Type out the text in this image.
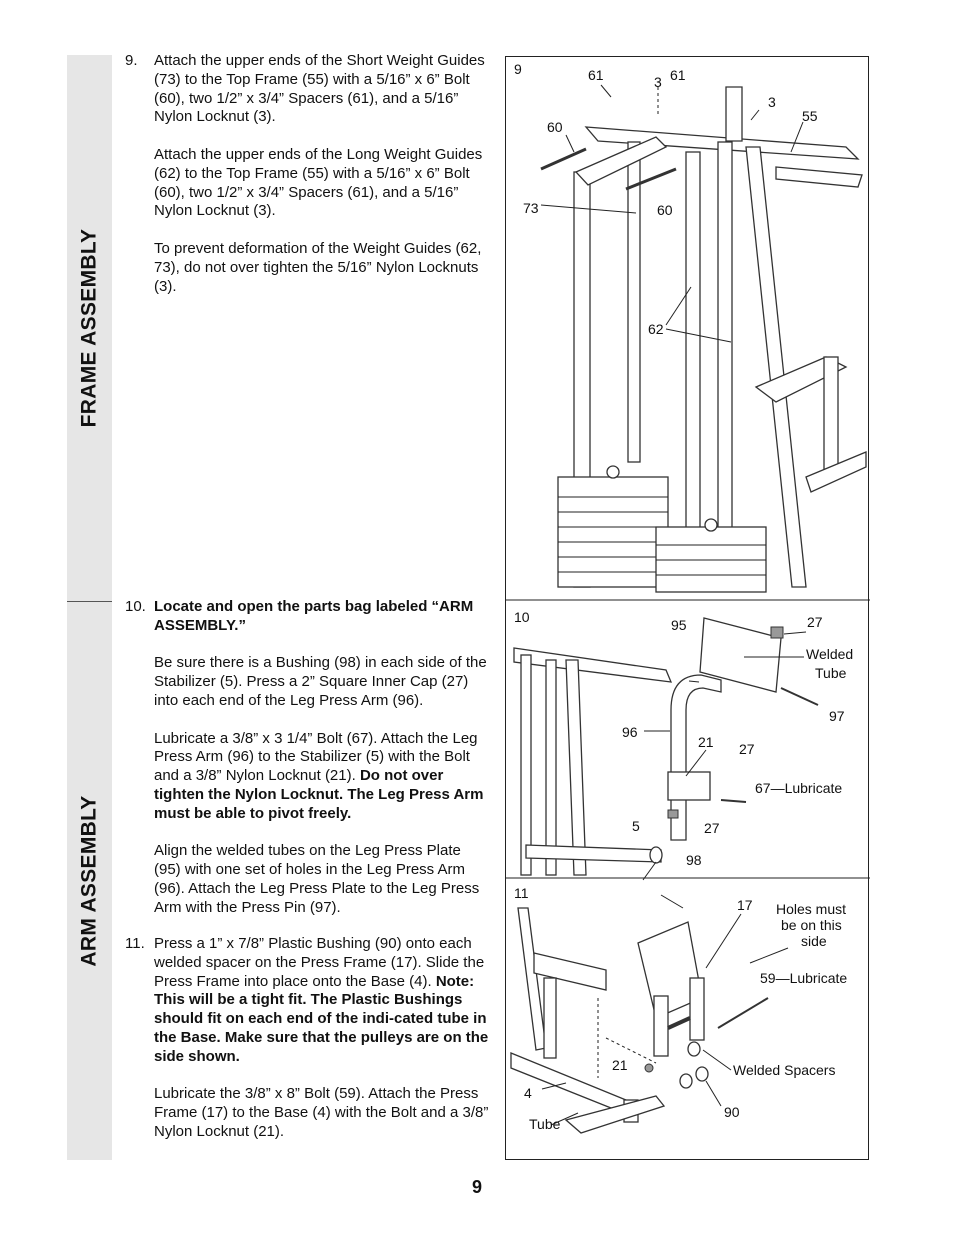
FRAME ASSEMBLY
ARM ASSEMBLY
9. Attach the upper ends of the Short Weight Guides (73) to the Top Frame (55) with a 5/16” x 6” Bolt (60), two 1/2” x 3/4” Spacers (61), and a 5/16” Nylon Locknut (3).

Attach the upper ends of the Long Weight Guides (62) to the Top Frame (55) with a 5/16” x 6” Bolt (60), two 1/2” x 3/4” Spacers (61), and a 5/16” Nylon Locknut (3).

To prevent deformation of the Weight Guides (62, 73), do not over tighten the 5/16” Nylon Locknuts (3).

10. Locate and open the parts bag labeled “ARM ASSEMBLY.”

Be sure there is a Bushing (98) in each side of the Stabilizer (5). Press a 2” Square Inner Cap (27) into each end of the Leg Press Arm (96).

Lubricate a 3/8” x 3 1/4” Bolt (67). Attach the Leg Press Arm (96) to the Stabilizer (5) with the Bolt and a 3/8” Nylon Locknut (21). Do not over tighten the Nylon Locknut. The Leg Press Arm must be able to pivot freely.

Align the welded tubes on the Leg Press Plate (95) with one set of holes in the Leg Press Arm (96). Attach the Leg Press Plate to the Leg Press Arm with the Press Pin (97).

11. Press a 1” x 7/8” Plastic Bushing (90) onto each welded spacer on the Press Frame (17). Slide the Press Frame into place onto the Base (4). Note: This will be a tight fit. The Plastic Bushings should fit on each end of the indi-cated tube in the Base. Make sure that the pulleys are on the side shown.

Lubricate the 3/8” x 8” Bolt (59). Attach the Press Frame (17) to the Base (4) with the Bolt and a 3/8” Nylon Locknut (21).

9	61	3 61
3
55
60
73	60
62
10	95	27
Welded
Tube
97
96
21 27
67—Lubricate
5	27
98
11
17 Holes must
be on this
side
59—Lubricate
21	Welded Spacers
4
90
Tube
9
